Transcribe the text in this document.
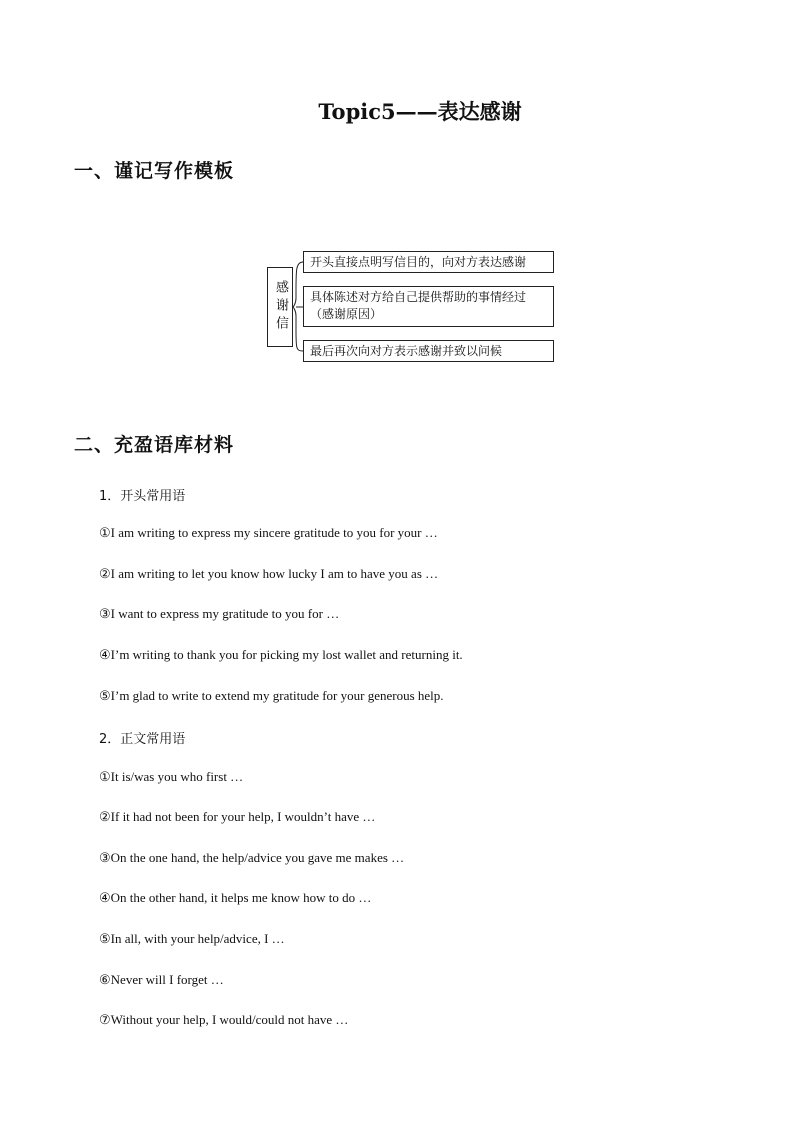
Topic5——表达感谢
一、谨记写作模板
感谢信
开头直接点明写信目的，向对方表达感谢
具体陈述对方给自己提供帮助的事情经过（感谢原因）
最后再次向对方表示感谢并致以问候
二、充盈语库材料
1．开头常用语
①I am writing to express my sincere gratitude to you for your …
②I am writing to let you know how lucky I am to have you as …
③I want to express my gratitude to you for …
④I’m writing to thank you for picking my lost wallet and returning it.
⑤I’m glad to write to extend my gratitude for your generous help.
2．正文常用语
①It is/was you who first …
②If it had not been for your help, I wouldn’t have …
③On the one hand, the help/advice you gave me makes …
④On the other hand, it helps me know how to do …
⑤In all, with your help/advice, I …
⑥Never will I forget …
⑦Without your help, I would/could not have …
